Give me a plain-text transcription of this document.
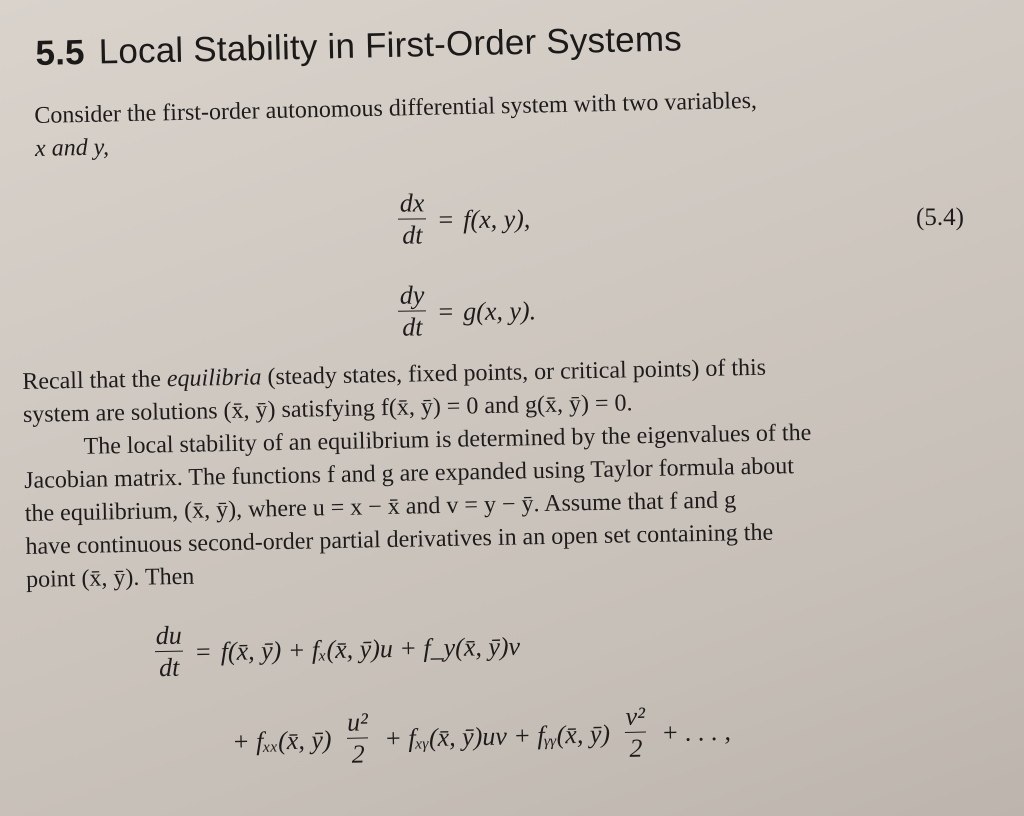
5.5 Local Stability in First-Order Systems

Consider the first-order autonomous differential system with two variables,
x and y,

$\frac{dx}{dt} = f(x$, y),	(5.4)
$\frac{dy}{dt} = g(x$, y).

Recall that the equilibria (steady states, fixed points, or critical points) of this
system are solutions (x̄, ȳ) satisfying f(x̄, ȳ) = 0 and g(x̄, ȳ) = 0.
The local stability of an equilibrium is determined by the eigenvalues of the
Jacobian matrix. The functions f and g are expanded using Taylor formula about
the equilibrium, (x̄, ȳ), where u = x − x̄ and v = y − ȳ. Assume that f and g
have continuous second-order partial derivatives in an open set containing the
point (x̄, ȳ). Then

$\frac{du}{dt}$ = f(x̄, ȳ) + fₓ(x̄, ȳ)u + f_y(x̄, ȳ)v
+ fₓₓ(x̄, ȳ) $\frac{\text{u²}}{2}$ + fₓᵧ(x̄, ȳ)uv + fᵧᵧ(x̄, ȳ) $\frac{\text{v²}}{2}$ + . . . ,
